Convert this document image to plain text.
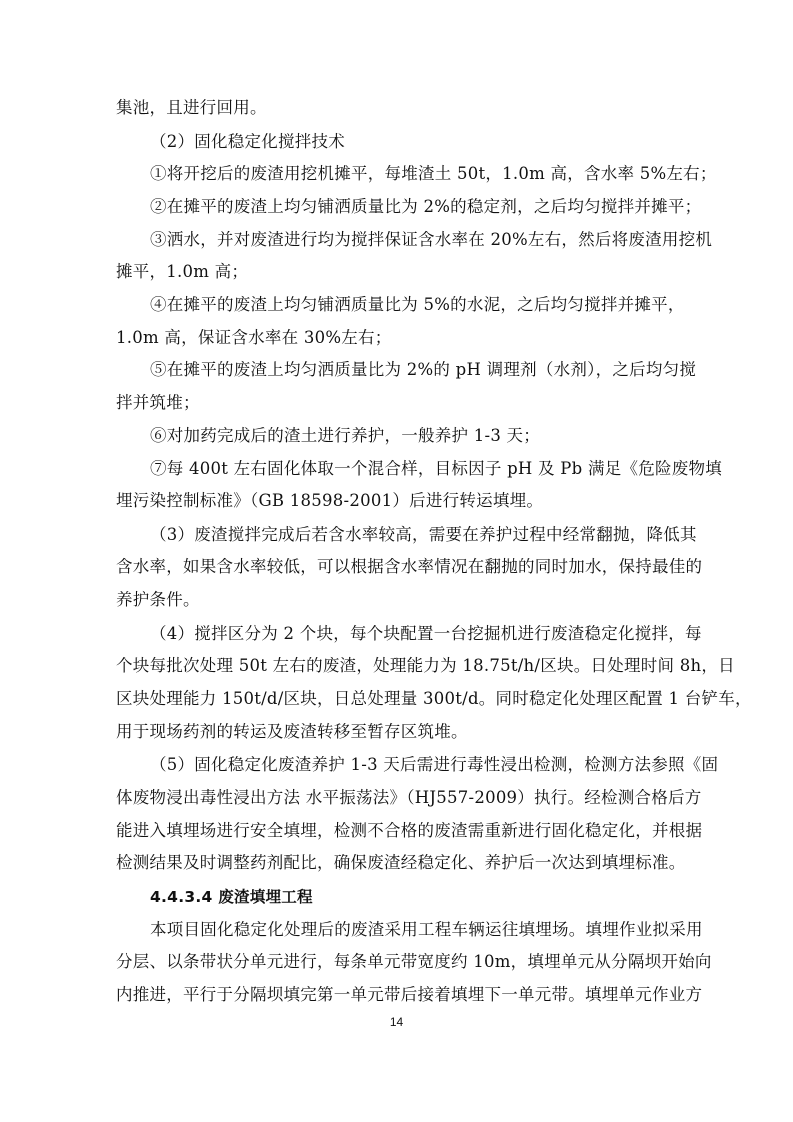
集池，且进行回用。
（2）固化稳定化搅拌技术
①将开挖后的废渣用挖机摊平，每堆渣土 50t，1.0m 高，含水率 5%左右；
②在摊平的废渣上均匀铺洒质量比为 2%的稳定剂，之后均匀搅拌并摊平；
③洒水，并对废渣进行均为搅拌保证含水率在 20%左右，然后将废渣用挖机
摊平，1.0m 高；
④在摊平的废渣上均匀铺洒质量比为 5%的水泥，之后均匀搅拌并摊平，
1.0m 高，保证含水率在 30%左右；
⑤在摊平的废渣上均匀洒质量比为 2%的 pH 调理剂（水剂），之后均匀搅
拌并筑堆；
⑥对加药完成后的渣土进行养护，一般养护 1-3 天；
⑦每 400t 左右固化体取一个混合样，目标因子 pH 及 Pb 满足《危险废物填
埋污染控制标准》（GB 18598-2001）后进行转运填埋。
（3）废渣搅拌完成后若含水率较高，需要在养护过程中经常翻抛，降低其
含水率，如果含水率较低，可以根据含水率情况在翻抛的同时加水，保持最佳的
养护条件。
（4）搅拌区分为 2 个块，每个块配置一台挖掘机进行废渣稳定化搅拌，每
个块每批次处理 50t 左右的废渣，处理能力为 18.75t/h/区块。日处理时间 8h，日
区块处理能力 150t/d/区块，日总处理量 300t/d。同时稳定化处理区配置 1 台铲车，
用于现场药剂的转运及废渣转移至暂存区筑堆。
（5）固化稳定化废渣养护 1-3 天后需进行毒性浸出检测，检测方法参照《固
体废物浸出毒性浸出方法 水平振荡法》（HJ557-2009）执行。经检测合格后方
能进入填埋场进行安全填埋，检测不合格的废渣需重新进行固化稳定化，并根据
检测结果及时调整药剂配比，确保废渣经稳定化、养护后一次达到填埋标准。
4.4.3.4 废渣填埋工程
本项目固化稳定化处理后的废渣采用工程车辆运往填埋场。填埋作业拟采用
分层、以条带状分单元进行，每条单元带宽度约 10m，填埋单元从分隔坝开始向
内推进，平行于分隔坝填完第一单元带后接着填埋下一单元带。填埋单元作业方
14
